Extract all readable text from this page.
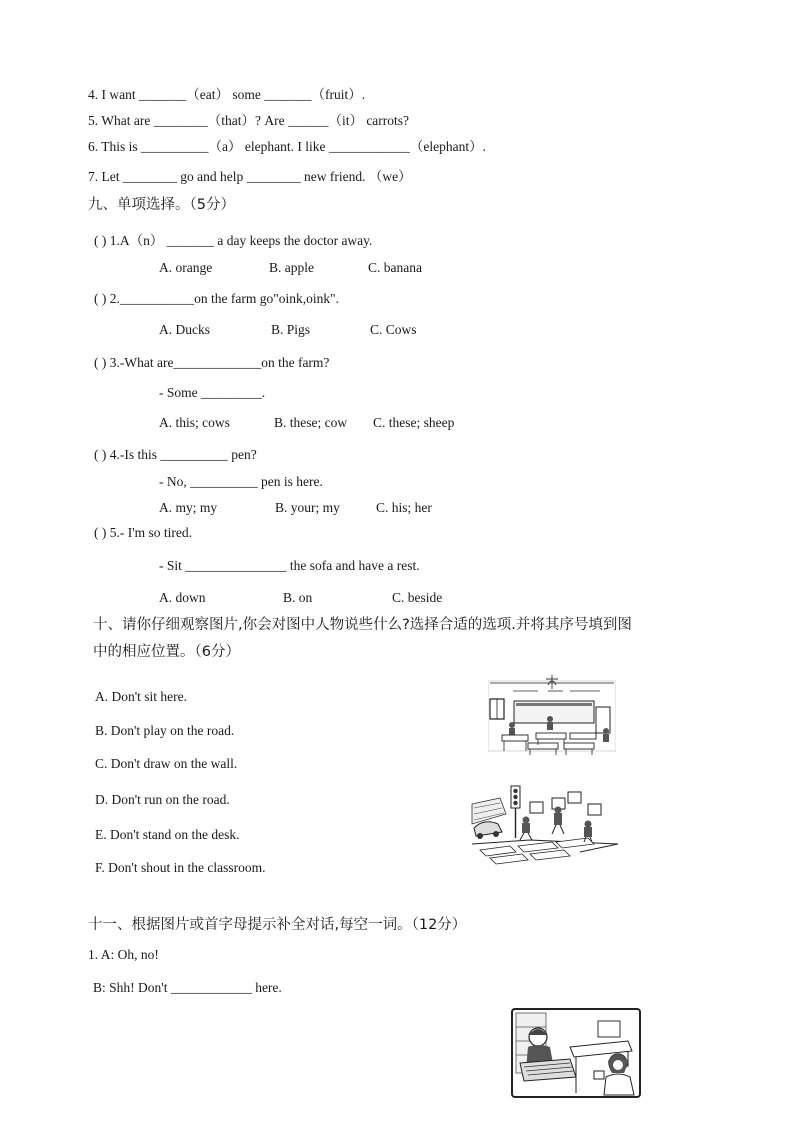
4. I want _______（eat） some _______（fruit）.
5. What are ________（that）? Are ______（it） carrots?
6. This is __________（a） elephant. I like ____________（elephant）.
7. Let ________ go and help ________ new friend. （we）
九、单项选择。（5分）
( ) 1.A（n） _______ a day keeps the doctor away.
A. orange	B. apple	C. banana
( ) 2.___________on the farm go"oink,oink".
A. Ducks	B. Pigs	C. Cows
( ) 3.-What are_____________on the farm?
- Some _________.
A. this; cows	B. these; cow C. these; sheep
( ) 4.-Is this __________ pen?
- No, __________ pen is here.
A. my; my	B. your; my	C. his; her
( ) 5.- I'm so tired.
- Sit _______________ the sofa and have a rest.
A. down	B. on	C. beside
十、请你仔细观察图片,你会对图中人物说些什么?选择合适的选项.并将其序号填到图
中的相应位置。（6分）
A. Don't sit here.
B. Don't play on the road.
C. Don't draw on the wall.
D. Don't run on the road.
E. Don't stand on the desk.
F. Don't shout in the classroom.
十一、根据图片或首字母提示补全对话,每空一词。（12分）
1. A: Oh, no!
B: Shh! Don't ____________ here.
